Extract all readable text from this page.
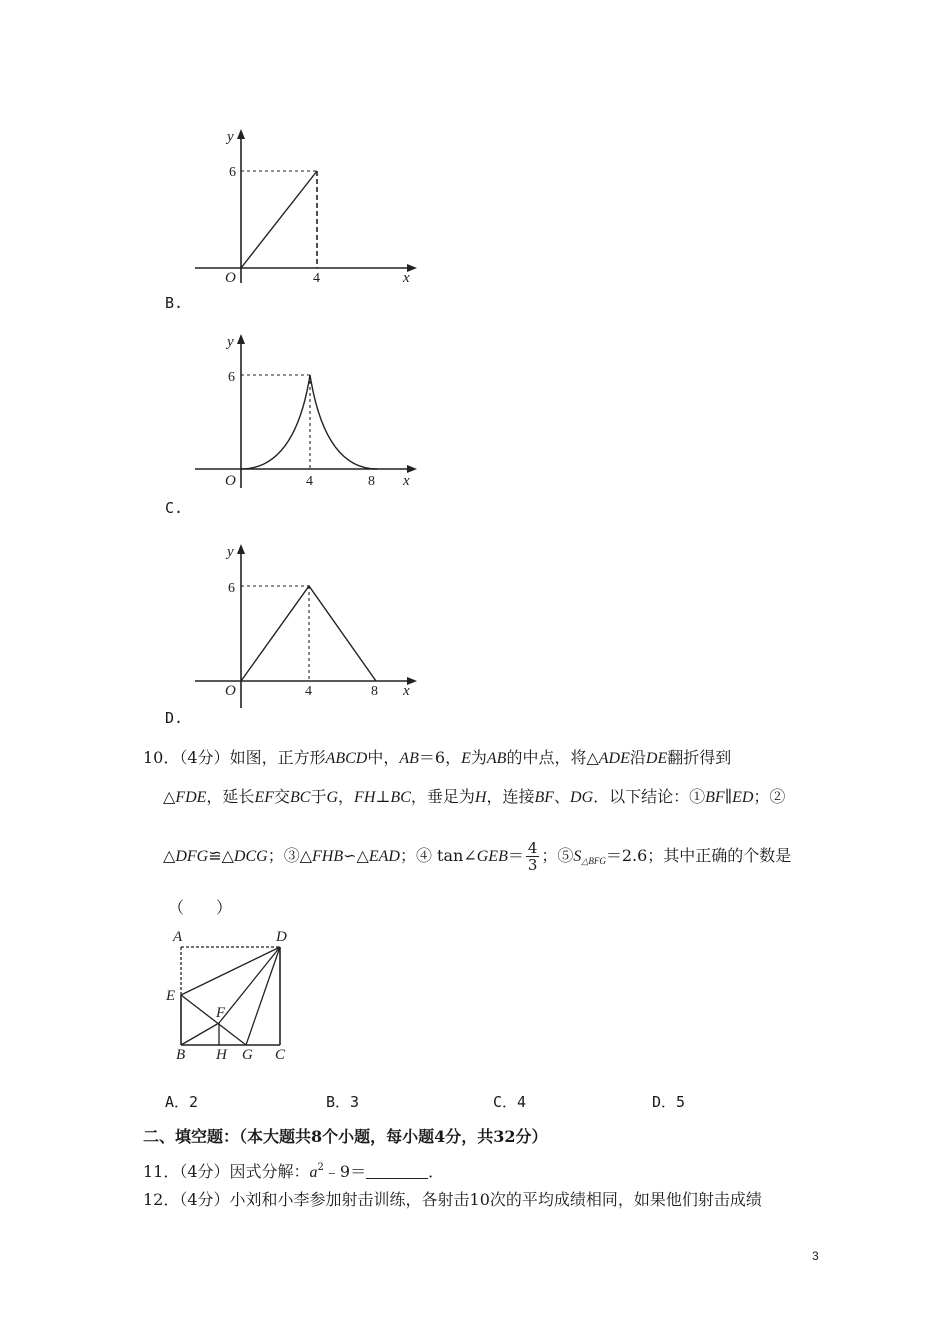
y
6
O	4	x
B.
y
6
O	4	8 x
C.
y
6
O	4	8 x
D.
10．（4分）如图，正方形ABCD中，AB＝6，E为AB的中点，将△ADE沿DE翻折得到
△FDE，延长EF交BC于G，FH⊥BC，垂足为H，连接BF、DG．以下结论：①BF∥ED；②
△DFG≌△DCG；③△FHB∽△EAD；④ tan∠GEB＝ $\frac{4}{3}$ ；$⑤S_{\triangle BFG}=2.6$；其中正确的个数是
（　　）
A	D
E
F
B H G C
A．2	B．3	C．4	D．5
二、填空题：（本大题共8个小题，每小题4分，共32分）
11．（4分）因式分解：$a^2﹣9=$	．
12．（4分）小刘和小李参加射击训练，各射击10次的平均成绩相同，如果他们射击成绩
3
